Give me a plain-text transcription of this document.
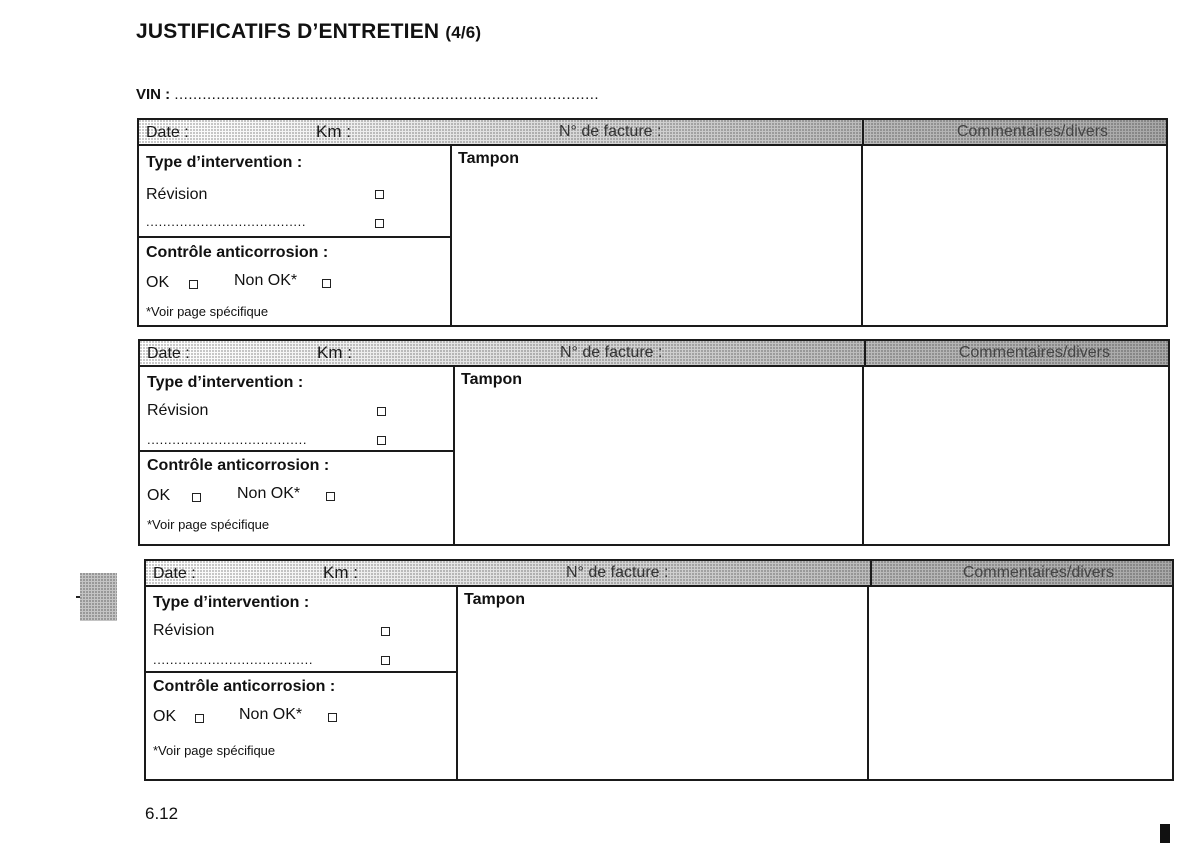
JUSTIFICATIFS D’ENTRETIEN (4/6)
VIN : ...........................................................................................
Date :	Km :	N° de facture :	Commentaires/divers
Type d’intervention :
Révision
......................................
Contrôle anticorrosion :
OK	Non OK*
*Voir page spécifique
Tampon
Date :	Km :	N° de facture :	Commentaires/divers
Type d’intervention :
Révision
......................................
Contrôle anticorrosion :
OK	Non OK*
*Voir page spécifique
Tampon
Date :	Km :	N° de facture :	Commentaires/divers
Type d’intervention :
Révision
......................................
Contrôle anticorrosion :
OK	Non OK*
*Voir page spécifique
Tampon
6.12
